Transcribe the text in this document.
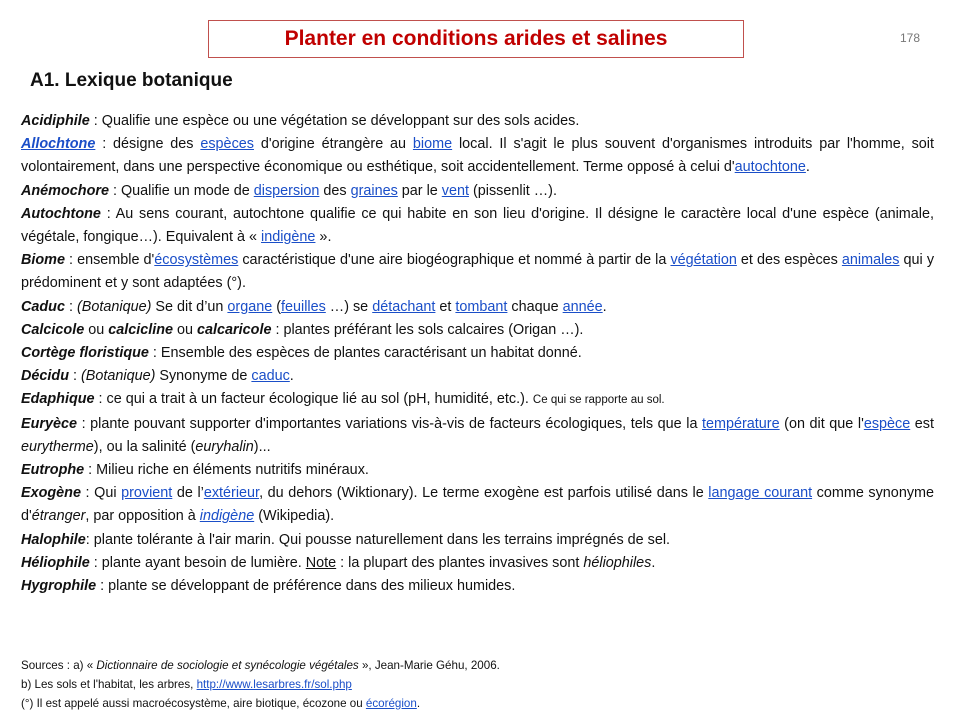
Planter en conditions arides et salines	178
A1. Lexique botanique

Acidiphile : Qualifie une espèce ou une végétation se développant sur des sols acides.

Allochtone : désigne des espèces d'origine étrangère au biome local. Il s'agit le plus souvent d'organismes introduits par l'homme, soit volontairement, dans une perspective économique ou esthétique, soit accidentellement. Terme opposé à celui d'autochtone.

Anémochore : Qualifie un mode de dispersion des graines par le vent (pissenlit …).

Autochtone : Au sens courant, autochtone qualifie ce qui habite en son lieu d'origine. Il désigne le caractère local d'une espèce (animale, végétale, fongique…). Equivalent à « indigène ».

Biome : ensemble d'écosystèmes caractéristique d'une aire biogéographique et nommé à partir de la végétation et des espèces animales qui y prédominent et y sont adaptées (°).

Caduc : (Botanique) Se dit d’un organe (feuilles …) se détachant et tombant chaque année.

Calcicole ou calcicline ou calcaricole : plantes préférant les sols calcaires (Origan …).

Cortège floristique : Ensemble des espèces de plantes caractérisant un habitat donné.

Décidu : (Botanique) Synonyme de caduc.

Edaphique : ce qui a trait à un facteur écologique lié au sol (pH, humidité, etc.). Ce qui se rapporte au sol.

Euryèce : plante pouvant supporter d'importantes variations vis-à-vis de facteurs écologiques, tels que la température (on dit que l'espèce est eurytherme), ou la salinité (euryhalin)...

Eutrophe : Milieu riche en éléments nutritifs minéraux.

Exogène : Qui provient de l’extérieur, du dehors (Wiktionary). Le terme exogène est parfois utilisé dans le langage courant comme synonyme d'étranger, par opposition à indigène (Wikipedia).

Halophile: plante tolérante à l'air marin. Qui pousse naturellement dans les terrains imprégnés de sel.

Héliophile : plante ayant besoin de lumière. Note : la plupart des plantes invasives sont héliophiles.

Hygrophile : plante se développant de préférence dans des milieux humides.

Sources : a) « Dictionnaire de sociologie et synécologie végétales », Jean-Marie Géhu, 2006.

b) Les sols et l'habitat, les arbres, http://www.lesarbres.fr/sol.php

(°) Il est appelé aussi macroécosystème, aire biotique, écozone ou écorégion.
